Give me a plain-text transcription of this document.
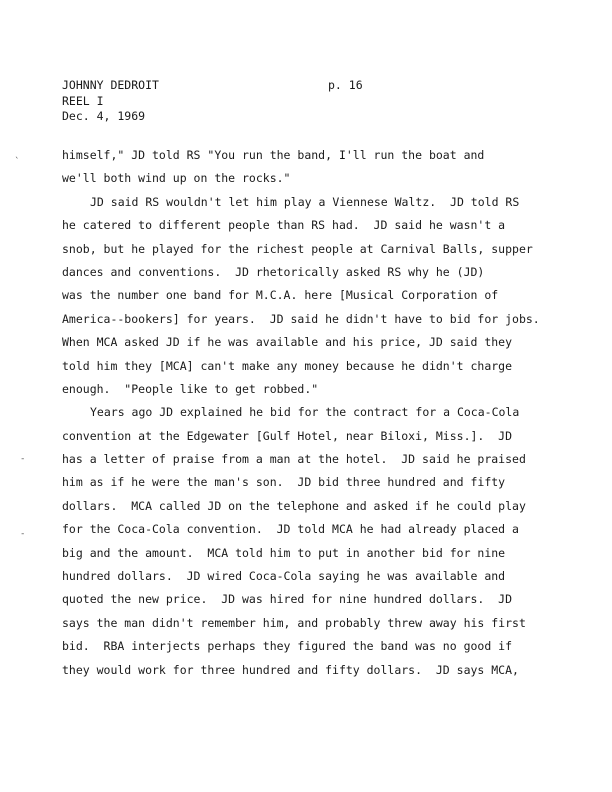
JOHNNY DEDROIT
REEL I
Dec. 4, 1969
p. 16
ˎ
-
-
himself," JD told RS "You run the band, I'll run the boat and
we'll both wind up on the rocks."
JD said RS wouldn't let him play a Viennese Waltz.  JD told RS
he catered to different people than RS had.  JD said he wasn't a
snob, but he played for the richest people at Carnival Balls, supper
dances and conventions.  JD rhetorically asked RS why he (JD)
was the number one band for M.C.A. here [Musical Corporation of
America--bookers] for years.  JD said he didn't have to bid for jobs.
When MCA asked JD if he was available and his price, JD said they
told him they [MCA] can't make any money because he didn't charge
enough.  "People like to get robbed."
Years ago JD explained he bid for the contract for a Coca-Cola
convention at the Edgewater [Gulf Hotel, near Biloxi, Miss.].  JD
has a letter of praise from a man at the hotel.  JD said he praised
him as if he were the man's son.  JD bid three hundred and fifty
dollars.  MCA called JD on the telephone and asked if he could play
for the Coca-Cola convention.  JD told MCA he had already placed a
big and the amount.  MCA told him to put in another bid for nine
hundred dollars.  JD wired Coca-Cola saying he was available and
quoted the new price.  JD was hired for nine hundred dollars.  JD
says the man didn't remember him, and probably threw away his first
bid.  RBA interjects perhaps they figured the band was no good if
they would work for three hundred and fifty dollars.  JD says MCA,
